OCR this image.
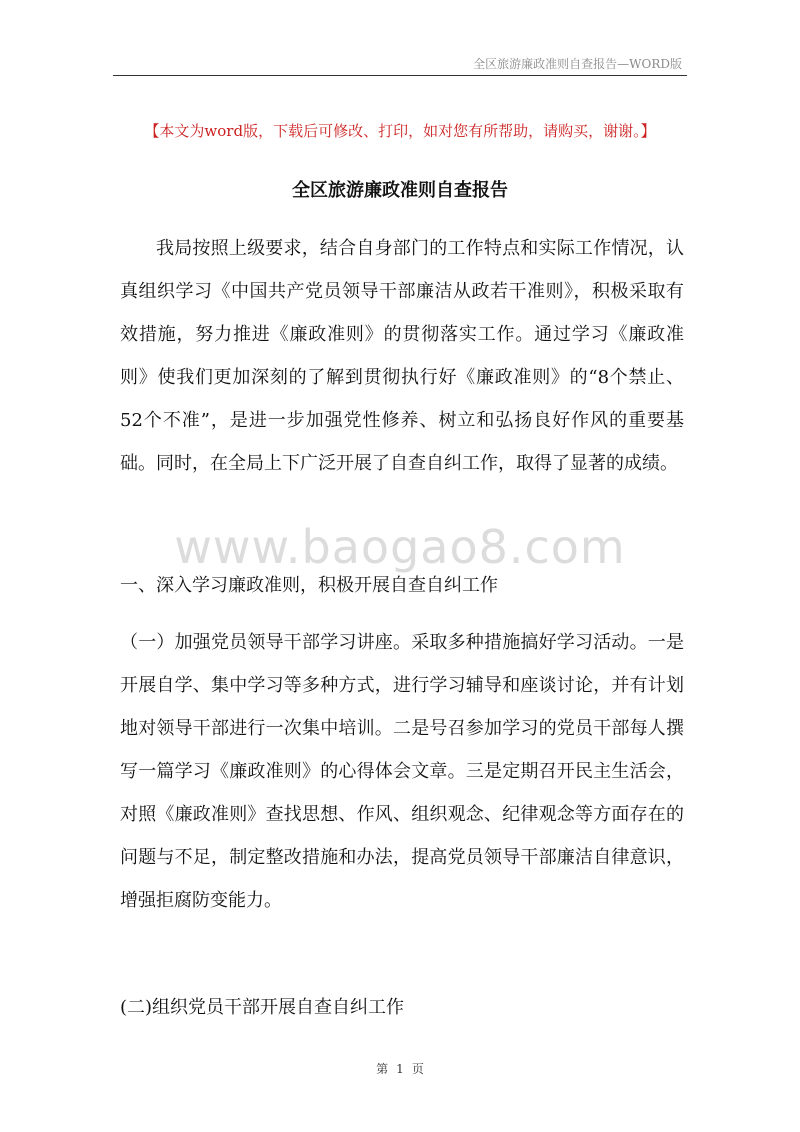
全区旅游廉政准则自查报告—WORD版
【本文为word版，下载后可修改、打印，如对您有所帮助，请购买，谢谢。】
全区旅游廉政准则自查报告
我局按照上级要求，结合自身部门的工作特点和实际工作情况，认真组织学习《中国共产党员领导干部廉洁从政若干准则》，积极采取有效措施，努力推进《廉政准则》的贯彻落实工作。通过学习《廉政准则》使我们更加深刻的了解到贯彻执行好《廉政准则》的“8个禁止、52个不准”，是进一步加强党性修养、树立和弘扬良好作风的重要基础。同时，在全局上下广泛开展了自查自纠工作，取得了显著的成绩。
www.baogao8.com
一、深入学习廉政准则，积极开展自查自纠工作
（一）加强党员领导干部学习讲座。采取多种措施搞好学习活动。一是开展自学、集中学习等多种方式，进行学习辅导和座谈讨论，并有计划地对领导干部进行一次集中培训。二是号召参加学习的党员干部每人撰写一篇学习《廉政准则》的心得体会文章。三是定期召开民主生活会，对照《廉政准则》查找思想、作风、组织观念、纪律观念等方面存在的问题与不足，制定整改措施和办法，提高党员领导干部廉洁自律意识，增强拒腐防变能力。
(二)组织党员干部开展自查自纠工作
第 1 页
